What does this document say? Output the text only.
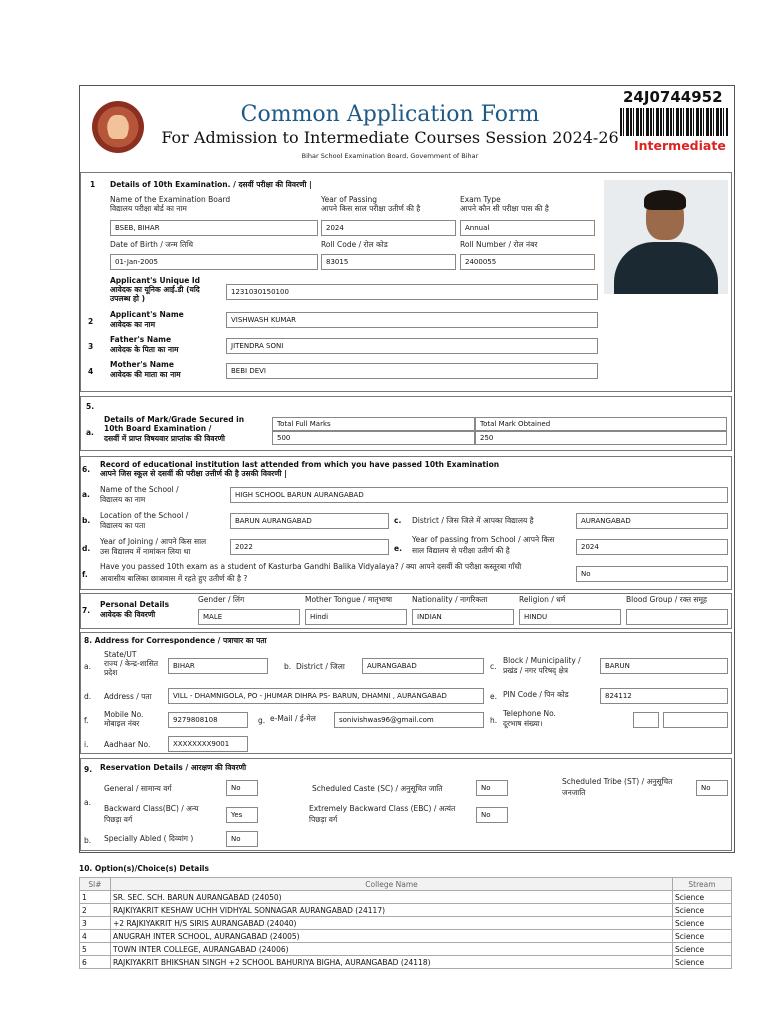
Common Application Form
For Admission to Intermediate Courses Session 2024-26
Bihar School Examination Board, Government of Bihar
24J0744952
Intermediate
1 Details of 10th Examination. / दसवीं परीक्षा की विवरणी |
Name of the Examination Board
विद्यालय परीक्षा बोर्ड का नाम
BSEB, BIHAR
Year of Passing
आपने किस साल परीक्षा उतीर्ण की है
2024
Exam Type
आपने कौन सी परीक्षा पास की है
Annual
Date of Birth / जन्म तिथि
01-Jan-2005
Roll Code / रोल कोड
83015
Roll Number / रोल नंबर
2400055
Applicant's Unique Id
आवेदक का यूनिक आई.डी (यदि उपलब्ध हो )
1231030150100
2
Applicant's Name
आवेदक का नाम	VISHWASH KUMAR
3
Father's Name
आवेदक के पिता का नाम	JITENDRA SONI
4
Mother's Name
आवेदक की माता का नाम	BEBI DEVI
5.
a.
Details of Mark/Grade Secured in 10th Board Examination /
दसवीं में प्राप्त विषयवार प्राप्तांक की विवरणी
Total Full Marks	Total Mark Obtained
500	250
6.
Record of educational institution last attended from which you have passed 10th Examination
आपने जिस स्कूल से दसवीं की परीक्षा उत्तीर्ण की है उसकी विवरणी |
a.
Name of the School /
विद्यालय का नाम	HIGH SCHOOL BARUN AURANGABAD
b.
Location of the School /
विद्यालय का पता	BARUN AURANGABAD	c. District / जिस जिले में आपका विद्यालय है	AURANGABAD
d.
Year of Joining / आपने किस साल
उस विद्यालय में नामांकन लिया था	2022	e.
Year of passing from School / आपने किस
साल विद्यालय से परीक्षा उतीर्ण की है	2024
f.
Have you passed 10th exam as a student of Kasturba Gandhi Balika Vidyalaya? / क्या आपने दसवीं की परीक्षा कस्तूरबा गाँधी
आवासीय बालिका छात्रावास में रहते हुए उतीर्ण की है ?	No
7.
Personal Details
आवेदक की विवरणी
Gender / लिंग
MALE
Mother Tongue / मातृभाषा
Hindi
Nationality / नागरिकता
INDIAN
Religion / धर्म
HINDU
Blood Group / रक्त समूह
8. Address for Correspondence / पत्राचार का पता
a.
State/UT
राज्य / केन्द्र-शासित प्रदेश
BIHAR	b. District / जिला	AURANGABAD	c.
Block / Municipality /
प्रखंड / नगर परिषद् क्षेत्र	BARUN
d. Address / पता	VILL - DHAMNIGOLA, PO - JHUMAR DIHRA PS- BARUN, DHAMNI , AURANGABAD	e. PIN Code / पिन कोड	824112
f.
Mobile No.
मोबाइल नंबर	9279808108	g. e-Mail / ई-मेल	sonivishwas96@gmail.com	h.
Telephone No.
दूरभाष संख्या।
i. Aadhaar No.	XXXXXXXX9001
9. Reservation Details / आरक्षण की विवरणी
a.
General / सामान्य वर्ग	No	Scheduled Caste (SC) / अनुसूचित जाति	No
Scheduled Tribe (ST) / अनुसूचित
जनजाति	No
Backward Class(BC) / अन्य
पिछड़ा वर्ग	Yes
Extremely Backward Class (EBC) / अत्यंत
पिछड़ा वर्ग	No
b. Specially Abled ( दिव्यांग )	No
10. Option(s)/Choice(s) Details
Sl#	College Name	Stream
1	SR. SEC. SCH. BARUN AURANGABAD (24050)	Science
2	RAJKIYAKRIT KESHAW UCHH VIDHYAL SONNAGAR AURANGABAD (24117)	Science
3	+2 RAJKIYAKRIT H/S SIRIS AURANGABAD (24040)	Science
4	ANUGRAH INTER SCHOOL, AURANGABAD (24005)	Science
5	TOWN INTER COLLEGE, AURANGABAD (24006)	Science
6	RAJKIYAKRIT BHIKSHAN SINGH +2 SCHOOL BAHURIYA BIGHA, AURANGABAD (24118)	Science
